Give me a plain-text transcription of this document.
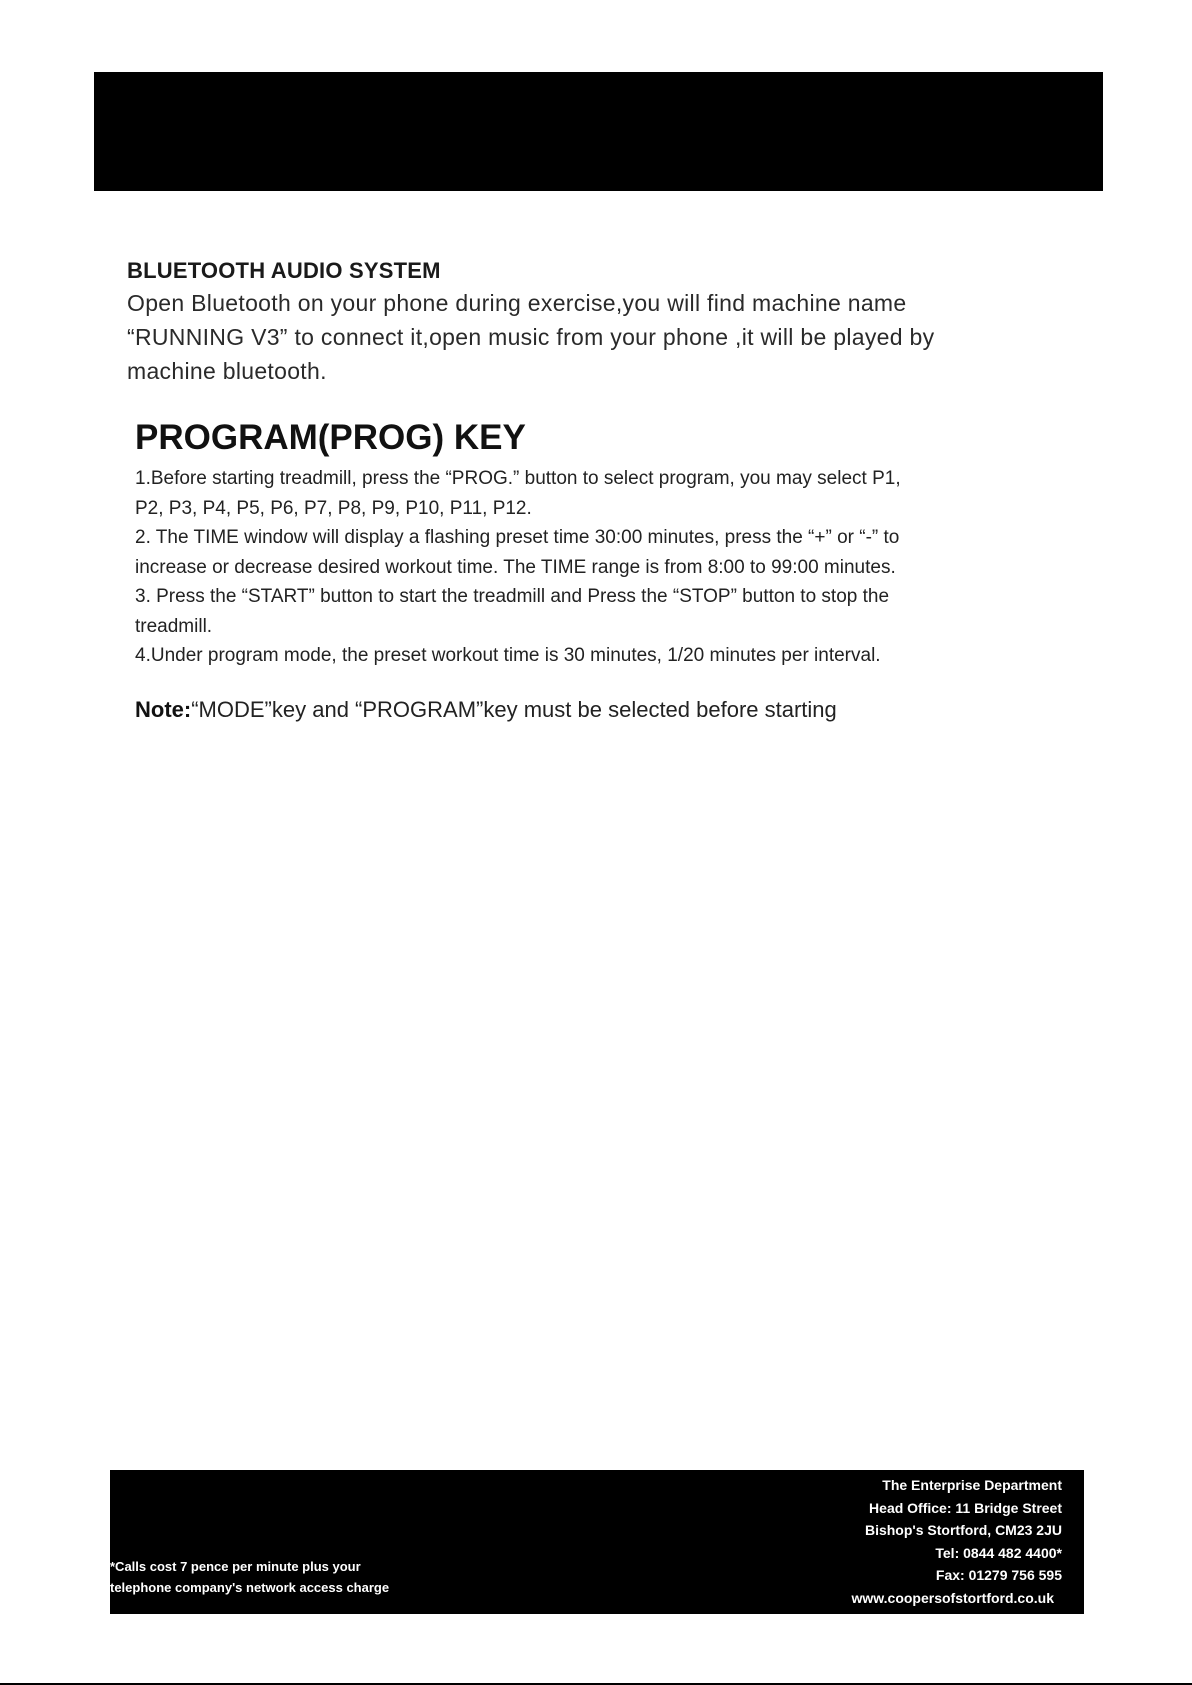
BLUETOOTH AUDIO SYSTEM
Open Bluetooth on your phone during exercise,you will find machine name
“RUNNING V3” to connect it,open music from your phone ,it will be played by
machine bluetooth.
PROGRAM(PROG) KEY
1.Before starting treadmill, press the “PROG.” button to select program, you may select P1,
P2, P3, P4, P5, P6, P7, P8, P9, P10, P11, P12.
2. The TIME window will display a flashing preset time 30:00 minutes, press the “+” or “-” to
increase or decrease desired workout time. The TIME range is from 8:00 to 99:00 minutes.
3. Press the “START” button to start the treadmill and Press the “STOP” button to stop the
treadmill.
4.Under program mode, the preset workout time is 30 minutes, 1/20 minutes per interval.

Note:“MODE”key and “PROGRAM”key must be selected before starting

*Calls cost 7 pence per minute plus your
telephone company's network access charge
The Enterprise Department
Head Office: 11 Bridge Street
Bishop's Stortford, CM23 2JU
Tel: 0844 482 4400*
Fax: 01279 756 595
www.coopersofstortford.co.uk
